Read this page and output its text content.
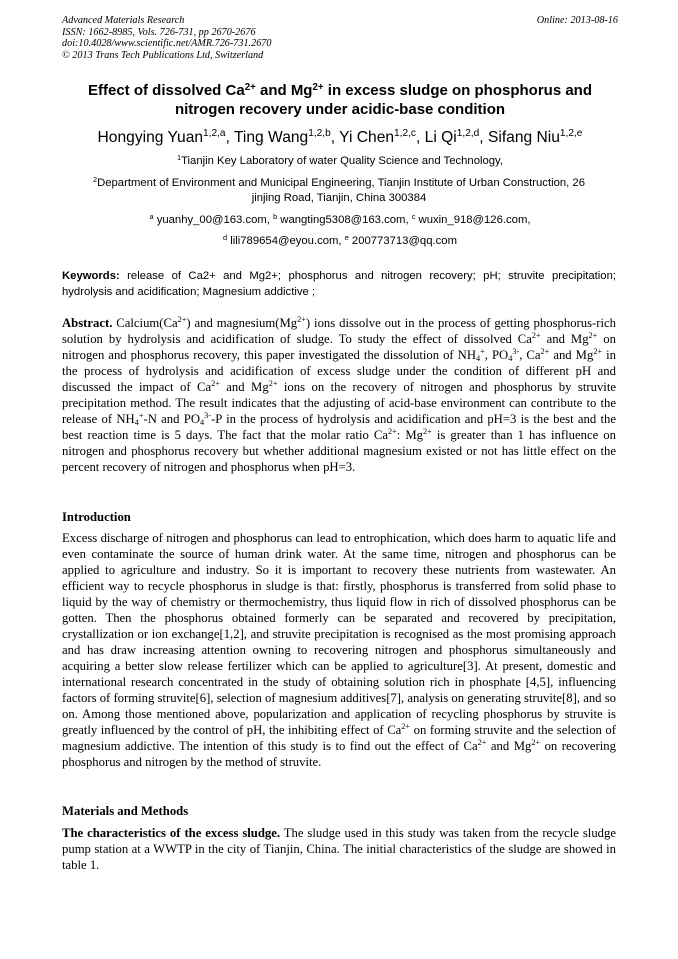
Advanced Materials Research
ISSN: 1662-8985, Vols. 726-731, pp 2670-2676
doi:10.4028/www.scientific.net/AMR.726-731.2670
© 2013 Trans Tech Publications Ltd, Switzerland
Online: 2013-08-16
Effect of dissolved $Ca^{2+}$ and $Mg^{2+}$ in excess sludge on phosphorus and
nitrogen recovery under acidic-base condition
Hongying Yuan$^{1,2,a}$, Ting Wang$^{1,2,b}$, Yi Chen$^{1,2,c}$, Li Qi$^{1,2,d}$, Sifang Niu$^{1,2,e}$
$^1$Tianjin Key Laboratory of water Quality Science and Technology,
$^2$Department of Environment and Municipal Engineering, Tianjin Institute of Urban Construction, 26
jinjing Road, Tianjin, China 300384
$^a$ yuanhy_00@163.com, $^b$ wangting5308@163.com, $^c$ wuxin_918@126.com,
$^d$ lili789654@eyou.com, $^e$ 200773713@qq.com
Keywords: release of Ca2+ and Mg2+; phosphorus and nitrogen recovery; pH; struvite precipitation; hydrolysis and acidification; Magnesium addictive ;
Abstract. $Calcium(Ca^{2+})$ and $magnesium(Mg^{2+})$ ions dissolve out in the process of getting phosphorus-rich solution by hydrolysis and acidification of sludge. To study the effect of dissolved $Ca^{2+}$ and $Mg^{2+}$ on nitrogen and phosphorus recovery, this paper investigated the dissolution of $NH_4^+$, $PO_4^{3-}$, $Ca^{2+}$ and $Mg^{2+}$ in the process of hydrolysis and acidification of excess sludge under the condition of different pH and discussed the impact of $Ca^{2+}$ and $Mg^{2+}$ ions on the recovery of nitrogen and phosphorus by struvite precipitation method. The result indicates that the adjusting of acid-base environment can contribute to the release of $NH_4^+-N$ and $PO_4^{3-}-P$ in the process of hydrolysis and acidification and pH=3 is the best and the best reaction time is 5 days. The fact that the molar ratio $Ca^{2+}$: $Mg^{2+}$ is greater than 1 has influence on nitrogen and phosphorus recovery but whether additional magnesium existed or not has little effect on the percent recovery of nitrogen and phosphorus when pH=3.
Introduction
Excess discharge of nitrogen and phosphorus can lead to entrophication, which does harm to aquatic life and even contaminate the source of human drink water. At the same time, nitrogen and phosphorus can be applied to agriculture and industry. So it is important to recovery these nutrients from wastewater. An efficient way to recycle phosphorus in sludge is that: firstly, phosphorus is transferred from solid phase to liquid by the way of chemistry or thermochemistry, thus liquid flow in rich of dissolved phosphorus can be gotten. Then the phosphorus obtained formerly can be separated and recovered by precipitation, crystallization or ion exchange[1,2], and struvite precipitation is recognised as the most promising approach and has draw increasing attention owning to recovering nitrogen and phosphorus simultaneously and acquiring a better slow release fertilizer which can be applied to agriculture[3]. At present, domestic and international research concentrated in the study of obtaining solution rich in phosphate [4,5], influencing factors of forming struvite[6], selection of magnesium additives[7], analysis on generating struvite[8], and so on. Among those mentioned above, popularization and application of recycling phosphorus by struvite is greatly influenced by the control of pH, the inhibiting effect of $Ca^{2+}$ on forming struvite and the selection of magnesium addictive. The intention of this study is to find out the effect of $Ca^{2+}$ and $Mg^{2+}$ on recovering phosphorus and nitrogen by the method of struvite.
Materials and Methods
The characteristics of the excess sludge. The sludge used in this study was taken from the recycle sludge pump station at a WWTP in the city of Tianjin, China. The initial characteristics of the sludge are showed in table 1.
